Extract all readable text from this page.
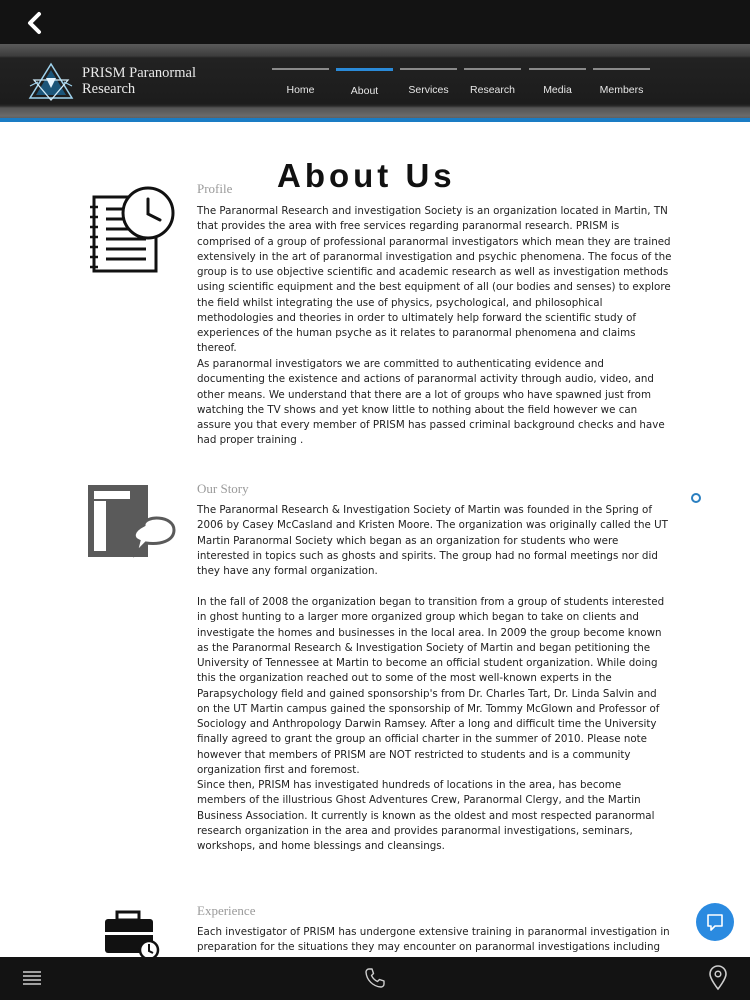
PRISM Paranormal
Research	Home	About	Services	Research	Media	Members
About Us
Profile

The Paranormal Research and investigation Society is an organization located in Martin, TN that provides the area with free services regarding paranormal research. PRISM is comprised of a group of professional paranormal investigators which mean they are trained extensively in the art of paranormal investigation and psychic phenomena. The focus of the group is to use objective scientific and academic research as well as investigation methods using scientific equipment and the best equipment of all (our bodies and senses) to explore the field whilst integrating the use of physics, psychological, and philosophical methodologies and theories in order to ultimately help forward the scientific study of experiences of the human psyche as it relates to paranormal phenomena and claims thereof.

As paranormal investigators we are committed to authenticating evidence and documenting the existence and actions of paranormal activity through audio, video, and other means. We understand that there are a lot of groups who have spawned just from watching the TV shows and yet know little to nothing about the field however we can assure you that every member of PRISM has passed criminal background checks and have had proper training .

Our Story

The Paranormal Research & Investigation Society of Martin was founded in the Spring of 2006 by Casey McCasland and Kristen Moore. The organization was originally called the UT Martin Paranormal Society which began as an organization for students who were interested in topics such as ghosts and spirits. The group had no formal meetings nor did they have any formal organization.

In the fall of 2008 the organization began to transition from a group of students interested in ghost hunting to a larger more organized group which began to take on clients and investigate the homes and businesses in the local area. In 2009 the group become known as the Paranormal Research & Investigation Society of Martin and began petitioning the University of Tennessee at Martin to become an official student organization. While doing this the organization reached out to some of the most well-known experts in the Parapsychology field and gained sponsorship's from Dr. Charles Tart, Dr. Linda Salvin and on the UT Martin campus gained the sponsorship of Mr. Tommy McGlown and Professor of Sociology and Anthropology Darwin Ramsey. After a long and difficult time the University finally agreed to grant the group an official charter in the summer of 2010. Please note however that members of PRISM are NOT restricted to students and is a community organization first and foremost.

Since then, PRISM has investigated hundreds of locations in the area, has become members of the illustrious Ghost Adventures Crew, Paranormal Clergy, and the Martin Business Association. It currently is known as the oldest and most respected paranormal research organization in the area and provides paranormal investigations, seminars, workshops, and home blessings and cleansings.

Experience

Each investigator of PRISM has undergone extensive training in paranormal investigation in preparation for the situations they may encounter on paranormal investigations including
